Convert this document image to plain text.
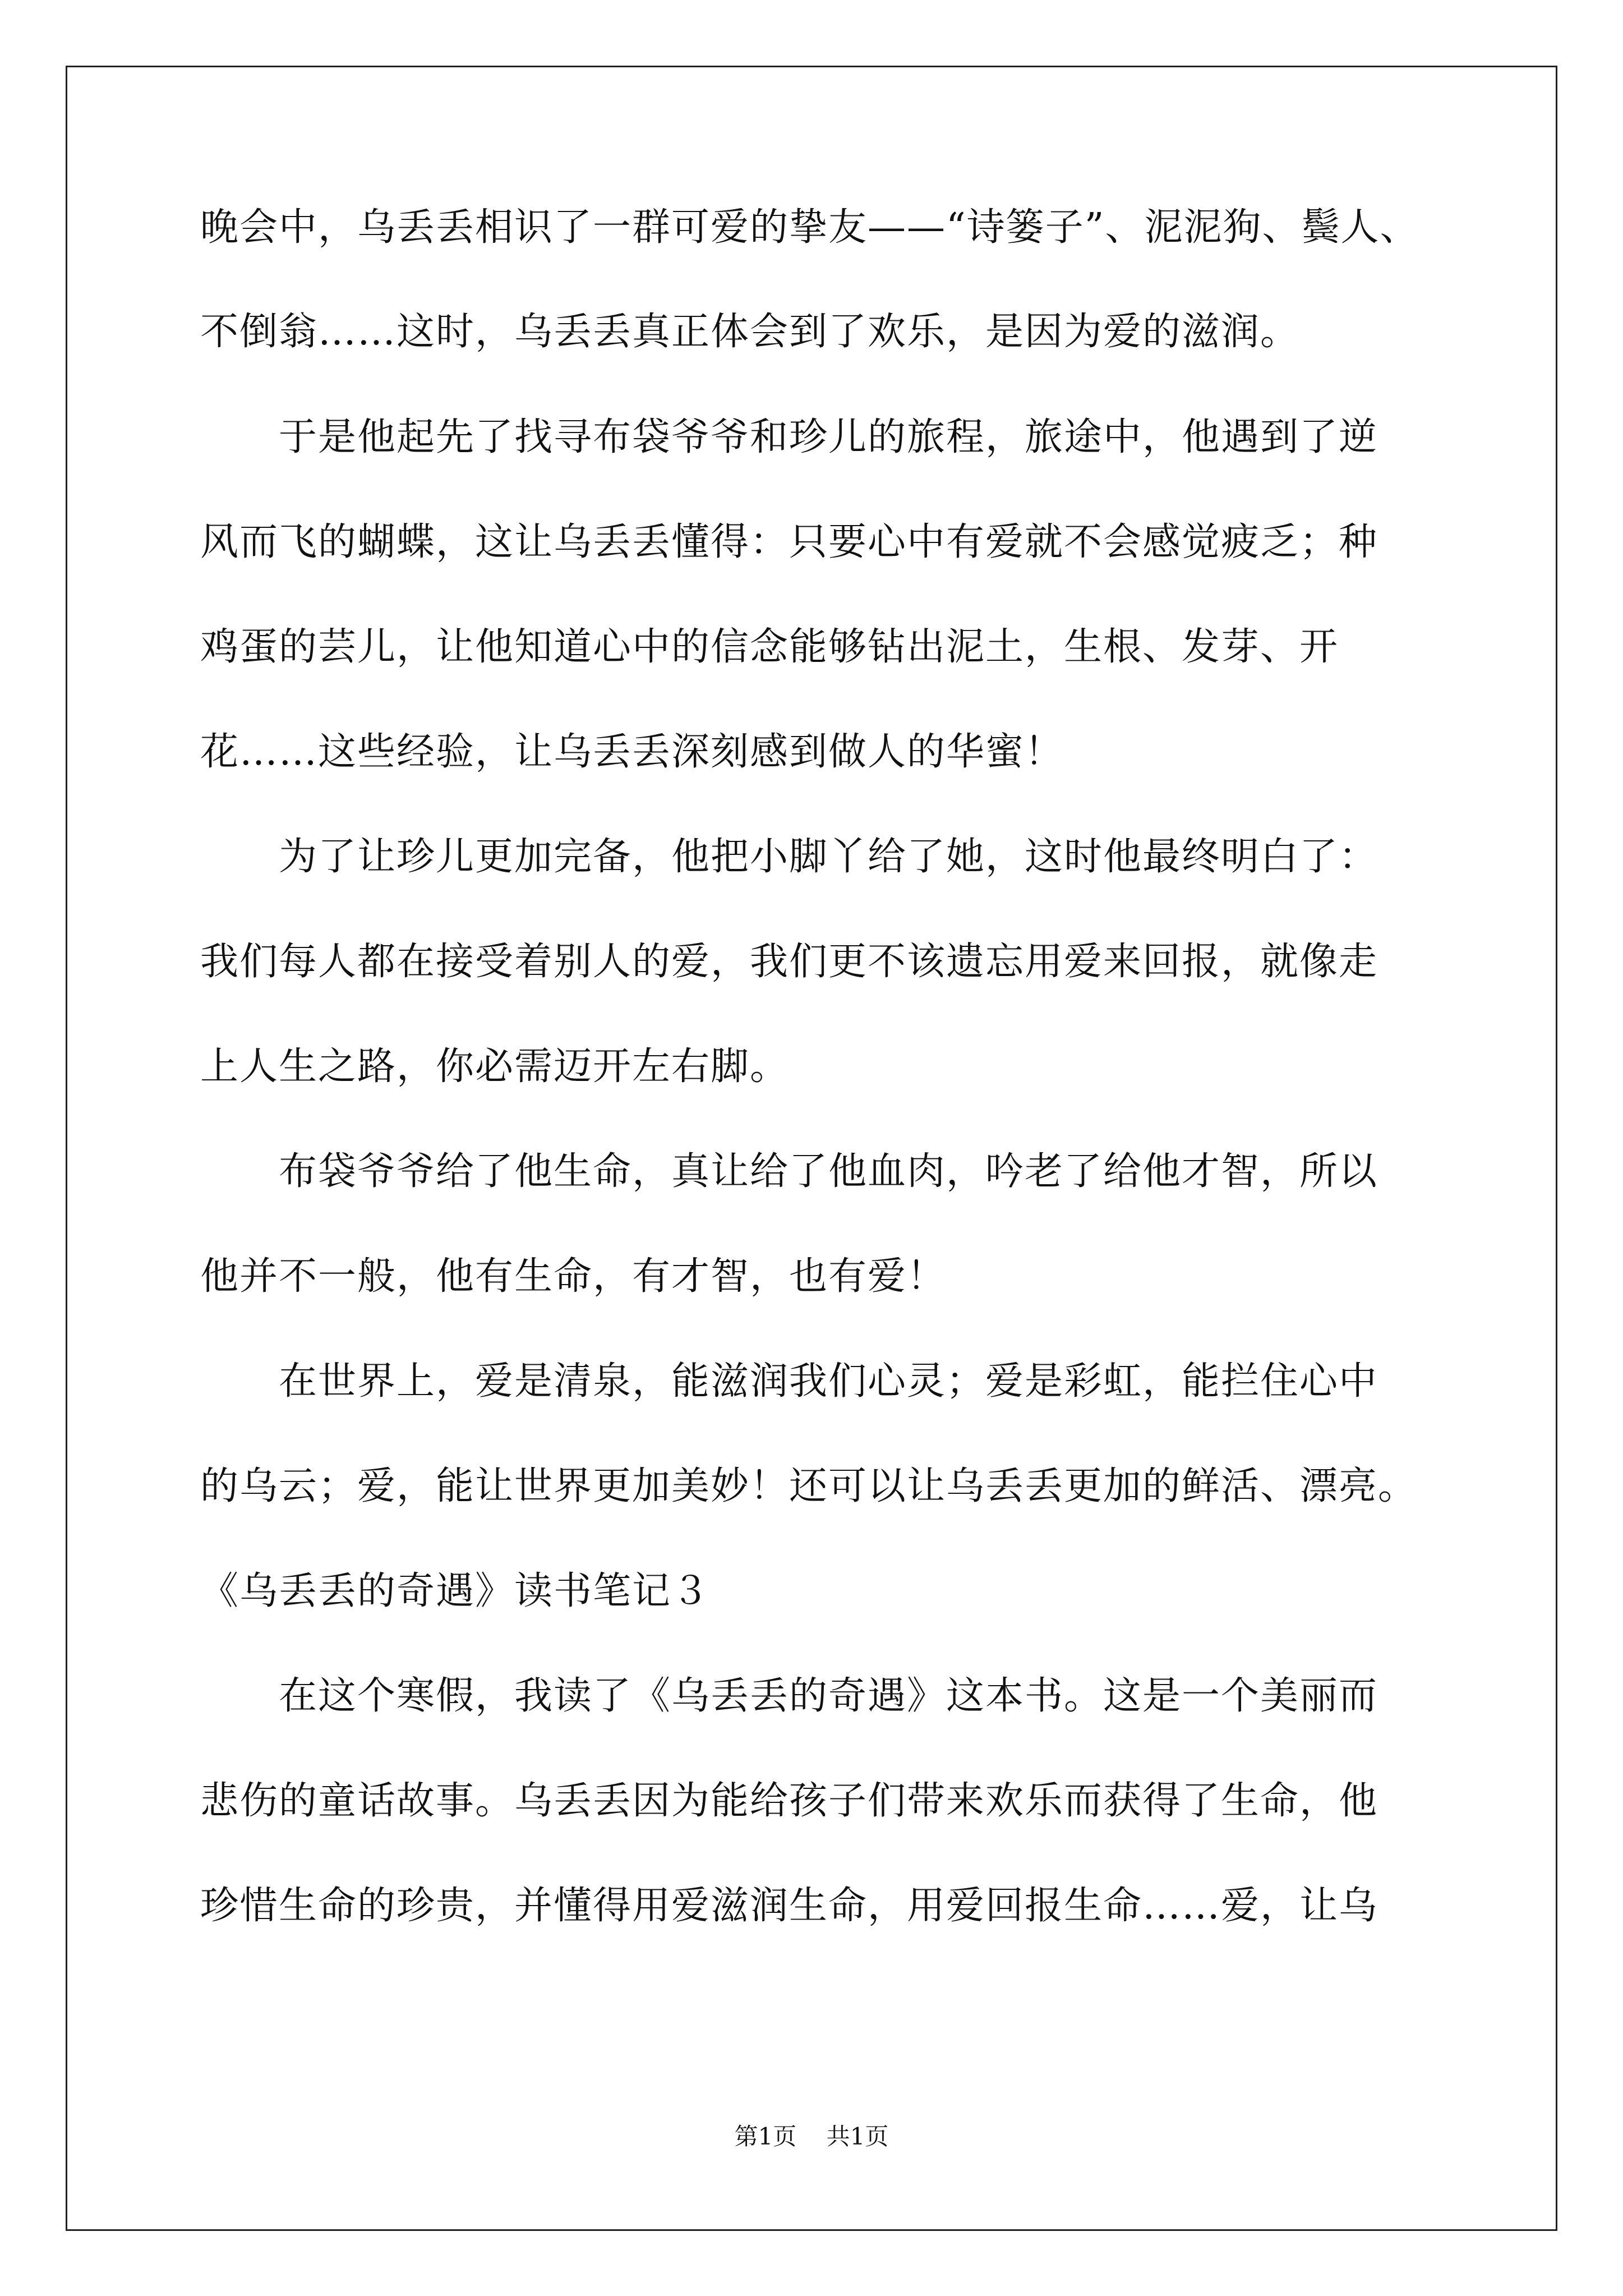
晚会中，乌丢丢相识了一群可爱的挚友——“诗篓子”、泥泥狗、鬓人、
不倒翁……这时，乌丢丢真正体会到了欢乐，是因为爱的滋润。
　　于是他起先了找寻布袋爷爷和珍儿的旅程，旅途中，他遇到了逆
风而飞的蝴蝶，这让乌丢丢懂得：只要心中有爱就不会感觉疲乏；种
鸡蛋的芸儿，让他知道心中的信念能够钻出泥土，生根、发芽、开
花……这些经验，让乌丢丢深刻感到做人的华蜜！
　　为了让珍儿更加完备，他把小脚丫给了她，这时他最终明白了：
我们每人都在接受着别人的爱，我们更不该遗忘用爱来回报，就像走
上人生之路，你必需迈开左右脚。
　　布袋爷爷给了他生命，真让给了他血肉，吟老了给他才智，所以
他并不一般，他有生命，有才智，也有爱！
　　在世界上，爱是清泉，能滋润我们心灵；爱是彩虹，能拦住心中
的乌云；爱，能让世界更加美妙！还可以让乌丢丢更加的鲜活、漂亮。
《乌丢丢的奇遇》读书笔记３
　　在这个寒假，我读了《乌丢丢的奇遇》这本书。这是一个美丽而
悲伤的童话故事。乌丢丢因为能给孩子们带来欢乐而获得了生命，他
珍惜生命的珍贵，并懂得用爱滋润生命，用爱回报生命……爱，让乌
第1页 共1页
